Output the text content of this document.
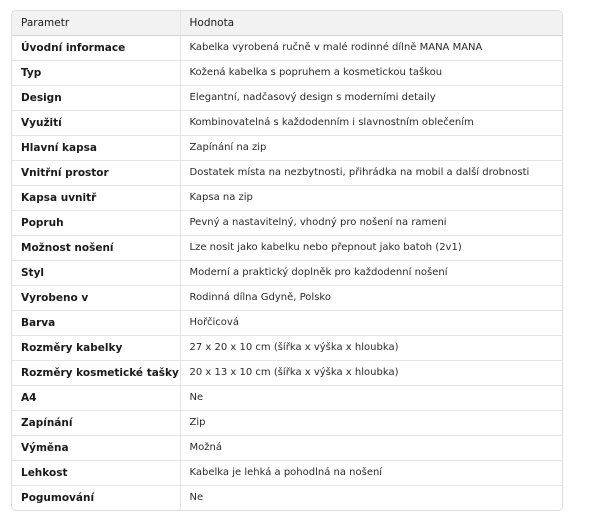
Parametr	Hodnota
Úvodní informace	Kabelka vyrobená ručně v malé rodinné dílně MANA MANA
Typ	Kožená kabelka s popruhem a kosmetickou taškou
Design	Elegantní, nadčasový design s moderními detaily
Využití	Kombinovatelná s každodenním i slavnostním oblečením
Hlavní kapsa	Zapínání na zip
Vnitřní prostor	Dostatek místa na nezbytnosti, přihrádka na mobil a další drobnosti
Kapsa uvnitř	Kapsa na zip
Popruh	Pevný a nastavitelný, vhodný pro nošení na rameni
Možnost nošení	Lze nosit jako kabelku nebo přepnout jako batoh (2v1)
Styl	Moderní a praktický doplněk pro každodenní nošení
Vyrobeno v	Rodinná dílna Gdyně, Polsko
Barva	Hořčicová
Rozměry kabelky	27 x 20 x 10 cm (šířka x výška x hloubka)
Rozměry kosmetické tašky	20 x 13 x 10 cm (šířka x výška x hloubka)
A4	Ne
Zapínání	Zip
Výměna	Možná
Lehkost	Kabelka je lehká a pohodlná na nošení
Pogumování	Ne
